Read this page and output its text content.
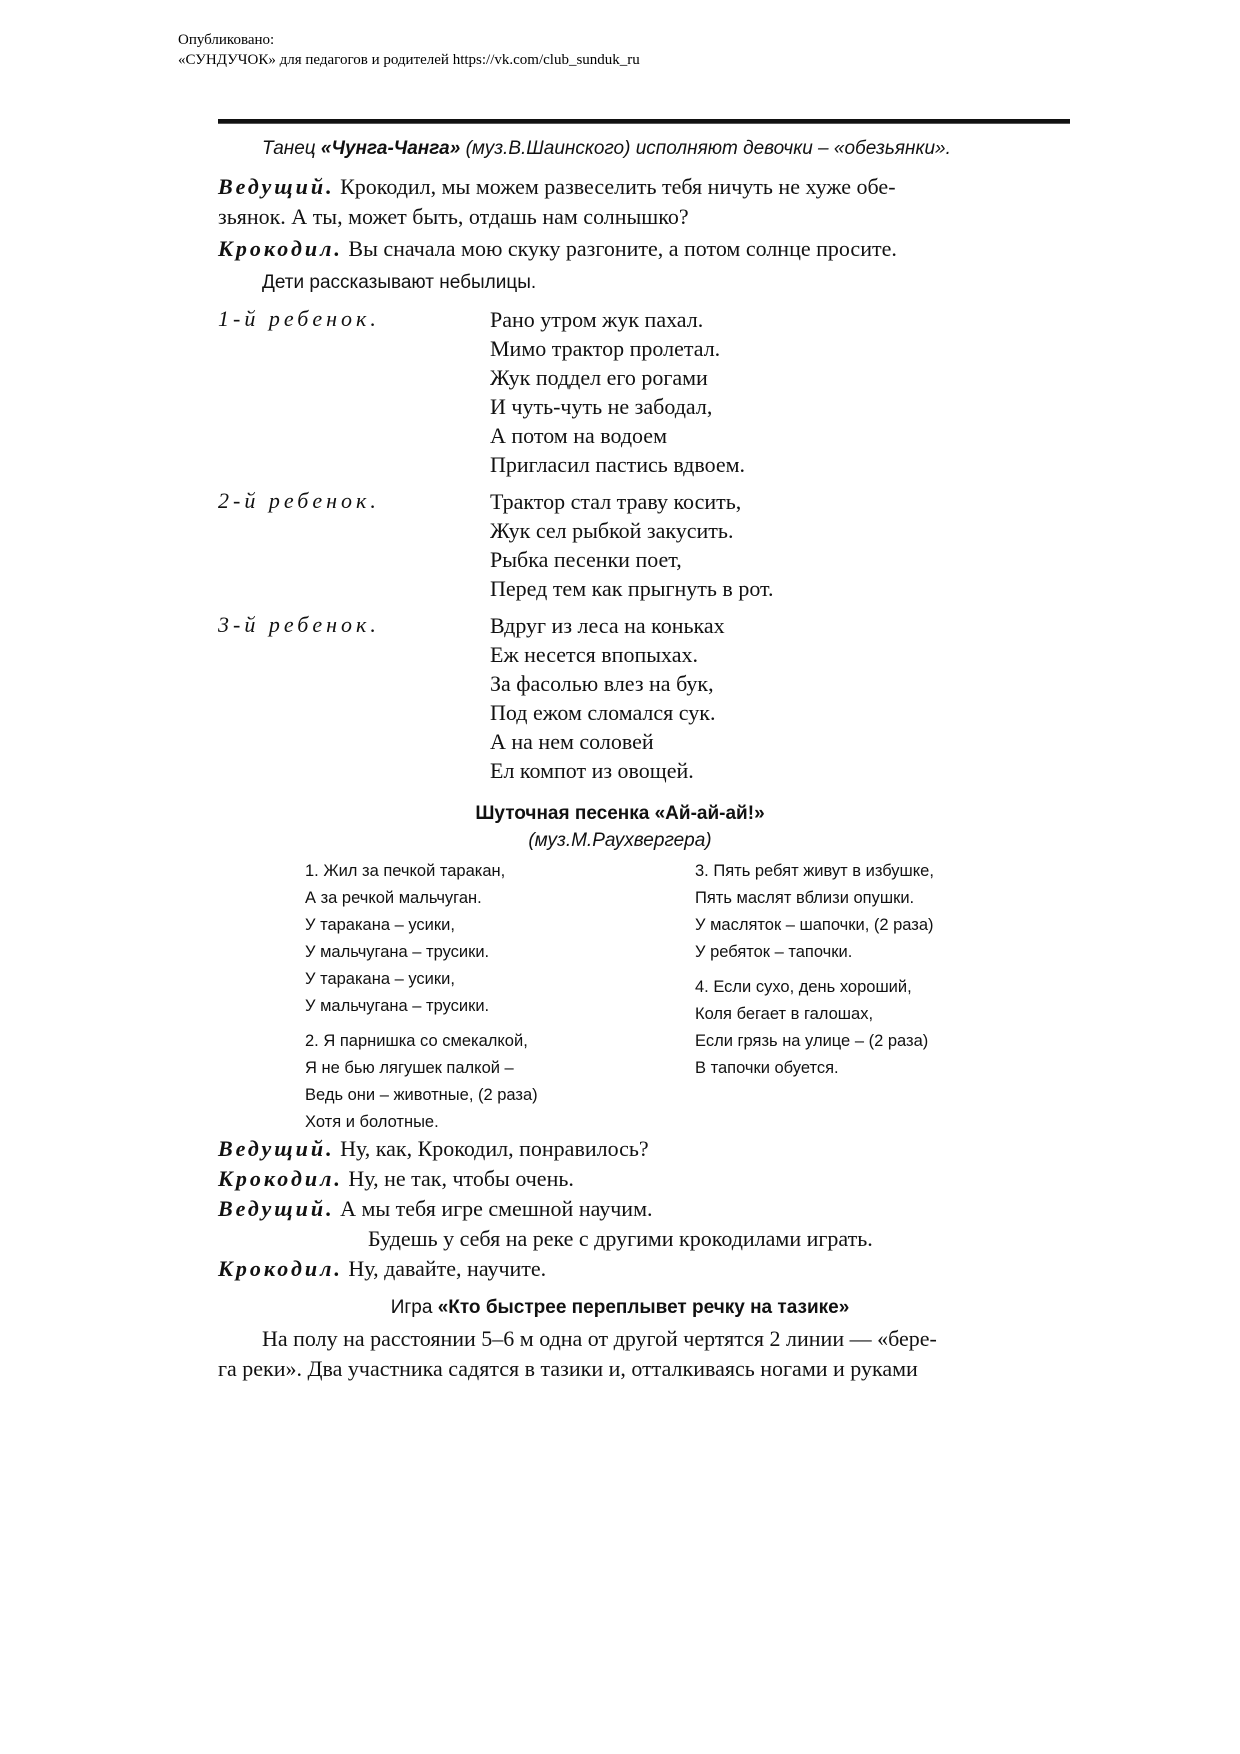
Опубликовано:
«СУНДУЧОК» для педагогов и родителей https://vk.com/club_sunduk_ru
Танец «Чунга-Чанга» (муз.В.Шаинского) исполняют девочки – «обезьянки».
Ведущий. Крокодил, мы можем развеселить тебя ничуть не хуже обе-
зьянок. А ты, может быть, отдашь нам солнышко?
Крокодил. Вы сначала мою скуку разгоните, а потом солнце просите.
Дети рассказывают небылицы.
1-й ребенок.	Рано утром жук пахал.
Мимо трактор пролетал.
Жук поддел его рогами
И чуть-чуть не забодал,
А потом на водоем
Пригласил пастись вдвоем.
2-й ребенок.	Трактор стал траву косить,
Жук сел рыбкой закусить.
Рыбка песенки поет,
Перед тем как прыгнуть в рот.
3-й ребенок.	Вдруг из леса на коньках
Еж несется впопыхах.
За фасолью влез на бук,
Под ежом сломался сук.
А на нем соловей
Ел компот из овощей.
Шуточная песенка «Ай-ай-ай!»
(муз.М.Раухвергера)
1. Жил за печкой таракан,
А за речкой мальчуган.
У таракана – усики,
У мальчугана – трусики.
У таракана – усики,
У мальчугана – трусики.
2. Я парнишка со смекалкой,
Я не бью лягушек палкой –
Ведь они – животные, (2 раза)
Хотя и болотные.
3. Пять ребят живут в избушке,
Пять маслят вблизи опушки.
У масляток – шапочки, (2 раза)
У ребяток – тапочки.
4. Если сухо, день хороший,
Коля бегает в галошах,
Если грязь на улице – (2 раза)
В тапочки обуется.
Ведущий. Ну, как, Крокодил, понравилось?
Крокодил. Ну, не так, чтобы очень.
Ведущий. А мы тебя игре смешной научим.
Будешь у себя на реке с другими крокодилами играть.
Крокодил. Ну, давайте, научите.
Игра «Кто быстрее переплывет речку на тазике»
На полу на расстоянии 5–6 м одна от другой чертятся 2 линии — «бере-
га реки». Два участника садятся в тазики и, отталкиваясь ногами и руками
